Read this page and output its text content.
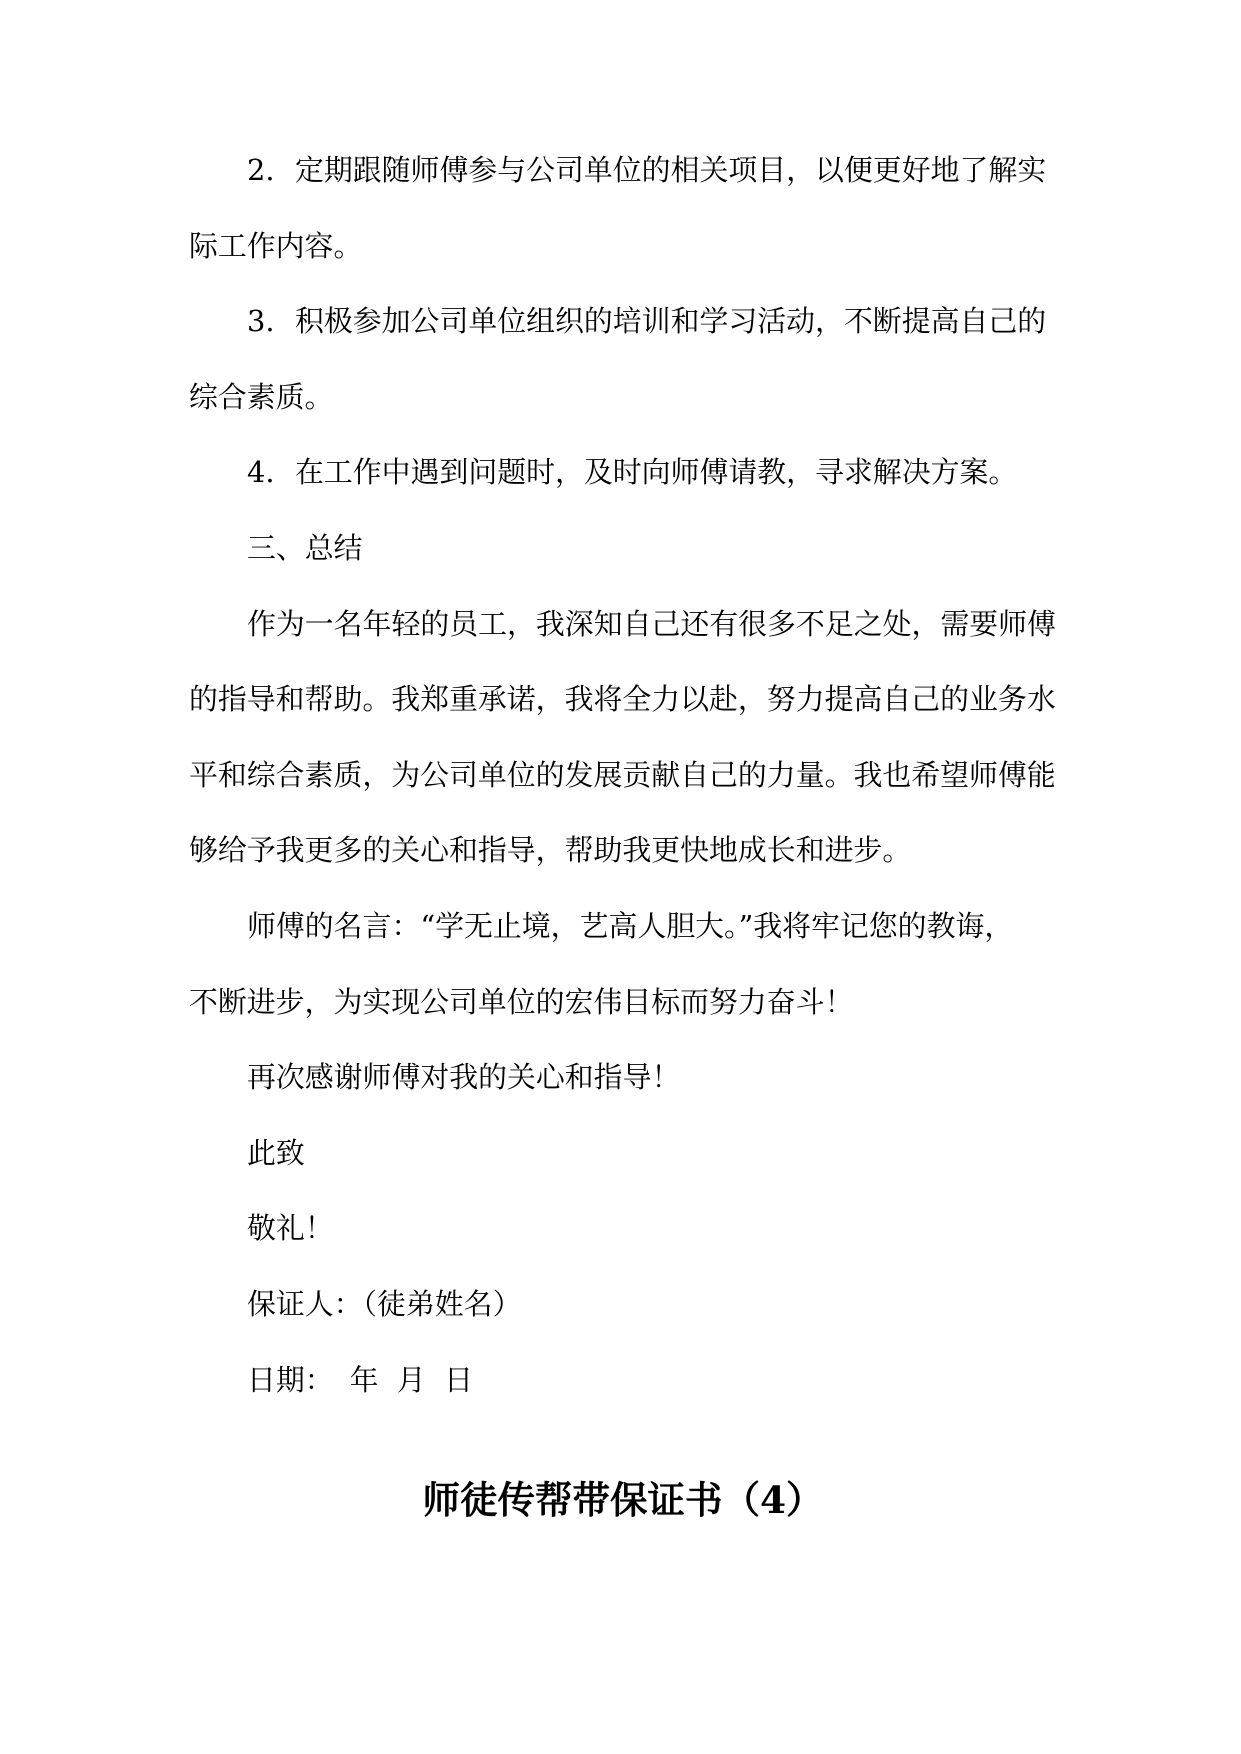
2. 定期跟随师傅参与公司单位的相关项目，以便更好地了解实
际工作内容。
3. 积极参加公司单位组织的培训和学习活动，不断提高自己的
综合素质。
4. 在工作中遇到问题时，及时向师傅请教，寻求解决方案。
三、总结
作为一名年轻的员工，我深知自己还有很多不足之处，需要师傅
的指导和帮助。我郑重承诺，我将全力以赴，努力提高自己的业务水
平和综合素质，为公司单位的发展贡献自己的力量。我也希望师傅能
够给予我更多的关心和指导，帮助我更快地成长和进步。
师傅的名言：“学无止境，艺高人胆大。”我将牢记您的教诲，
不断进步，为实现公司单位的宏伟目标而努力奋斗！
再次感谢师傅对我的关心和指导！
此致
敬礼！
保证人：（徒弟姓名）
日期： 年  月  日
师徒传帮带保证书（4）
